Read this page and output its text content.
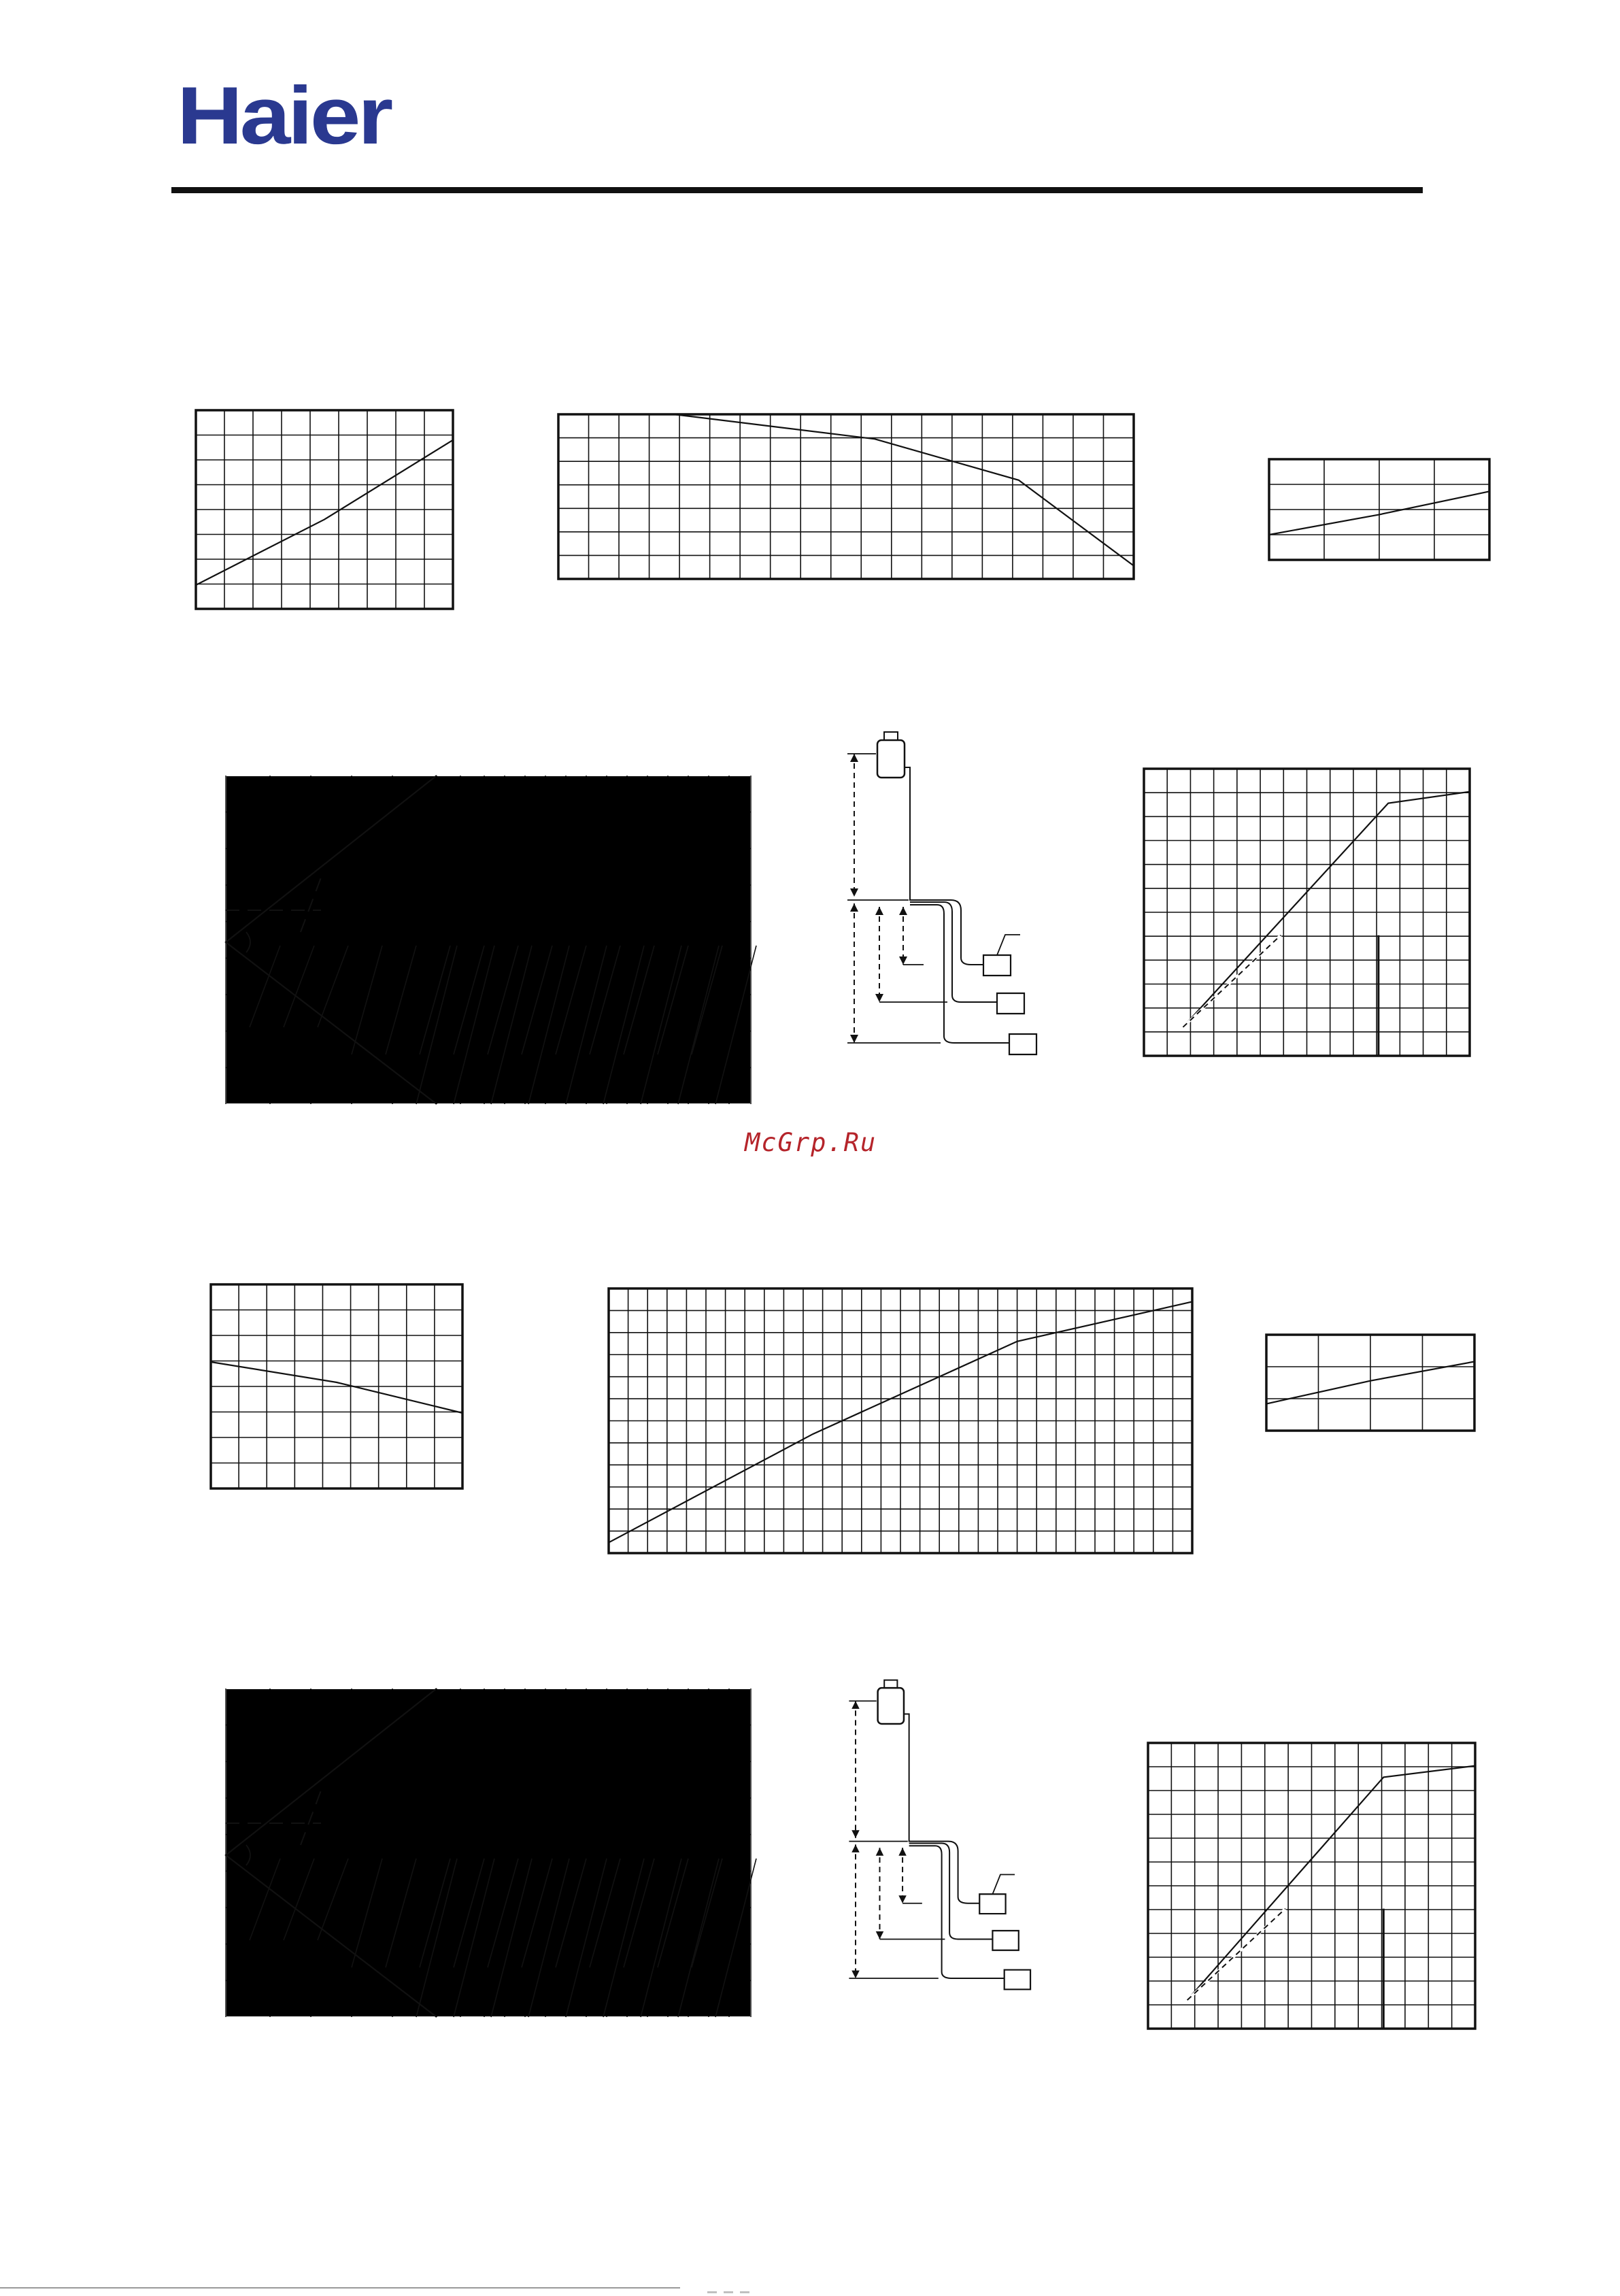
Haier
McGrp.Ru
